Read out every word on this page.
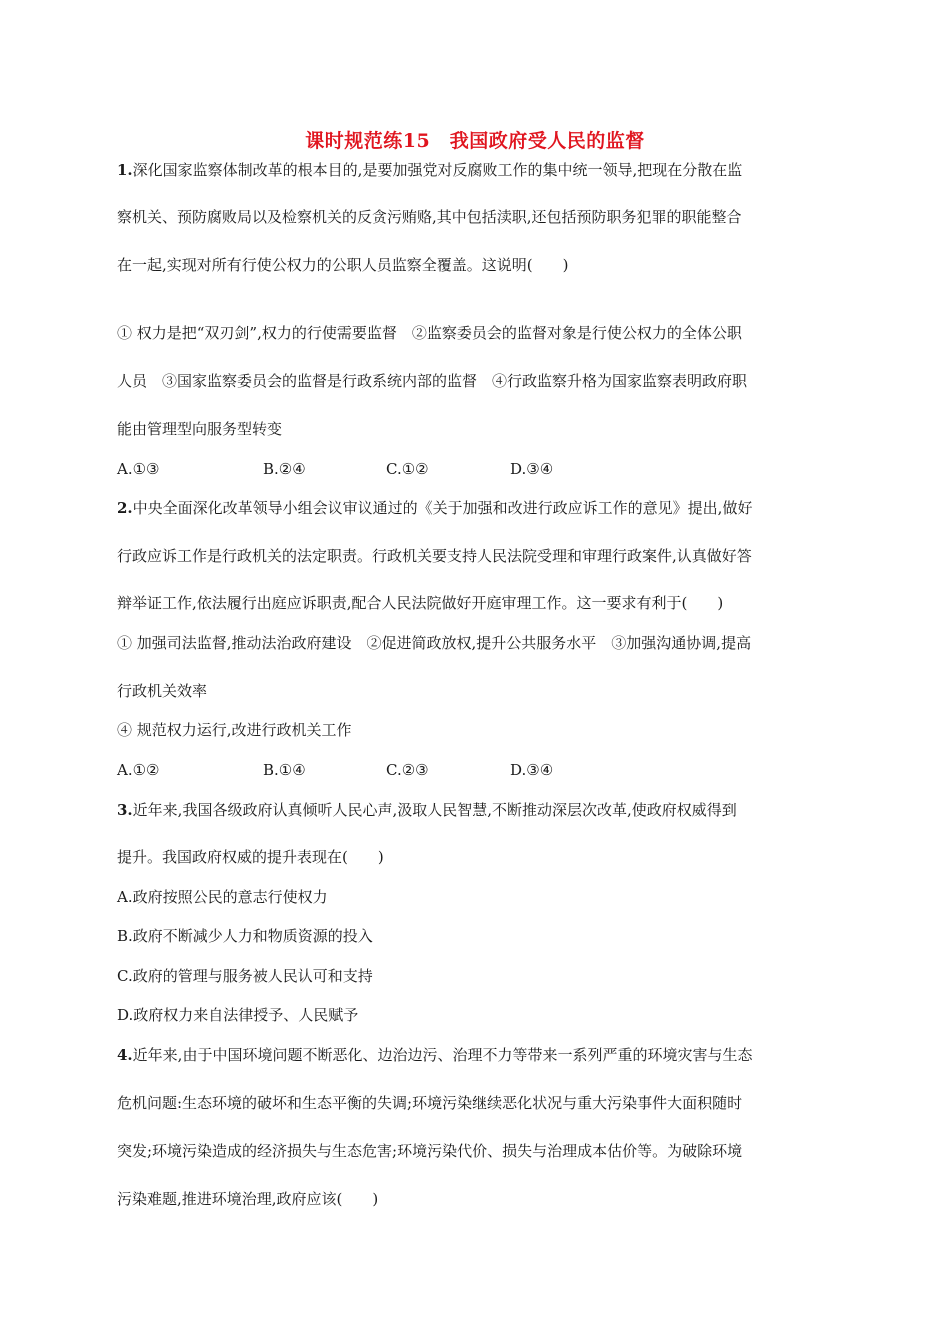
课时规范练15　我国政府受人民的监督
1.深化国家监察体制改革的根本目的,是要加强党对反腐败工作的集中统一领导,把现在分散在监
察机关、预防腐败局以及检察机关的反贪污贿赂,其中包括渎职,还包括预防职务犯罪的职能整合
在一起,实现对所有行使公权力的公职人员监察全覆盖。这说明(　　)
① 权力是把“双刃剑”,权力的行使需要监督　②监察委员会的监督对象是行使公权力的全体公职
人员　③国家监察委员会的监督是行政系统内部的监督　④行政监察升格为国家监察表明政府职
能由管理型向服务型转变
A.①③	B.②④	C.①②	D.③④
2.中央全面深化改革领导小组会议审议通过的《关于加强和改进行政应诉工作的意见》提出,做好
行政应诉工作是行政机关的法定职责。行政机关要支持人民法院受理和审理行政案件,认真做好答
辩举证工作,依法履行出庭应诉职责,配合人民法院做好开庭审理工作。这一要求有利于(　　)
① 加强司法监督,推动法治政府建设　②促进简政放权,提升公共服务水平　③加强沟通协调,提高
行政机关效率
④ 规范权力运行,改进行政机关工作
A.①②	B.①④	C.②③	D.③④
3.近年来,我国各级政府认真倾听人民心声,汲取人民智慧,不断推动深层次改革,使政府权威得到
提升。我国政府权威的提升表现在(　　)
A.政府按照公民的意志行使权力
B.政府不断减少人力和物质资源的投入
C.政府的管理与服务被人民认可和支持
D.政府权力来自法律授予、人民赋予
4.近年来,由于中国环境问题不断恶化、边治边污、治理不力等带来一系列严重的环境灾害与生态
危机问题:生态环境的破坏和生态平衡的失调;环境污染继续恶化状况与重大污染事件大面积随时
突发;环境污染造成的经济损失与生态危害;环境污染代价、损失与治理成本估价等。为破除环境
污染难题,推进环境治理,政府应该(　　)
